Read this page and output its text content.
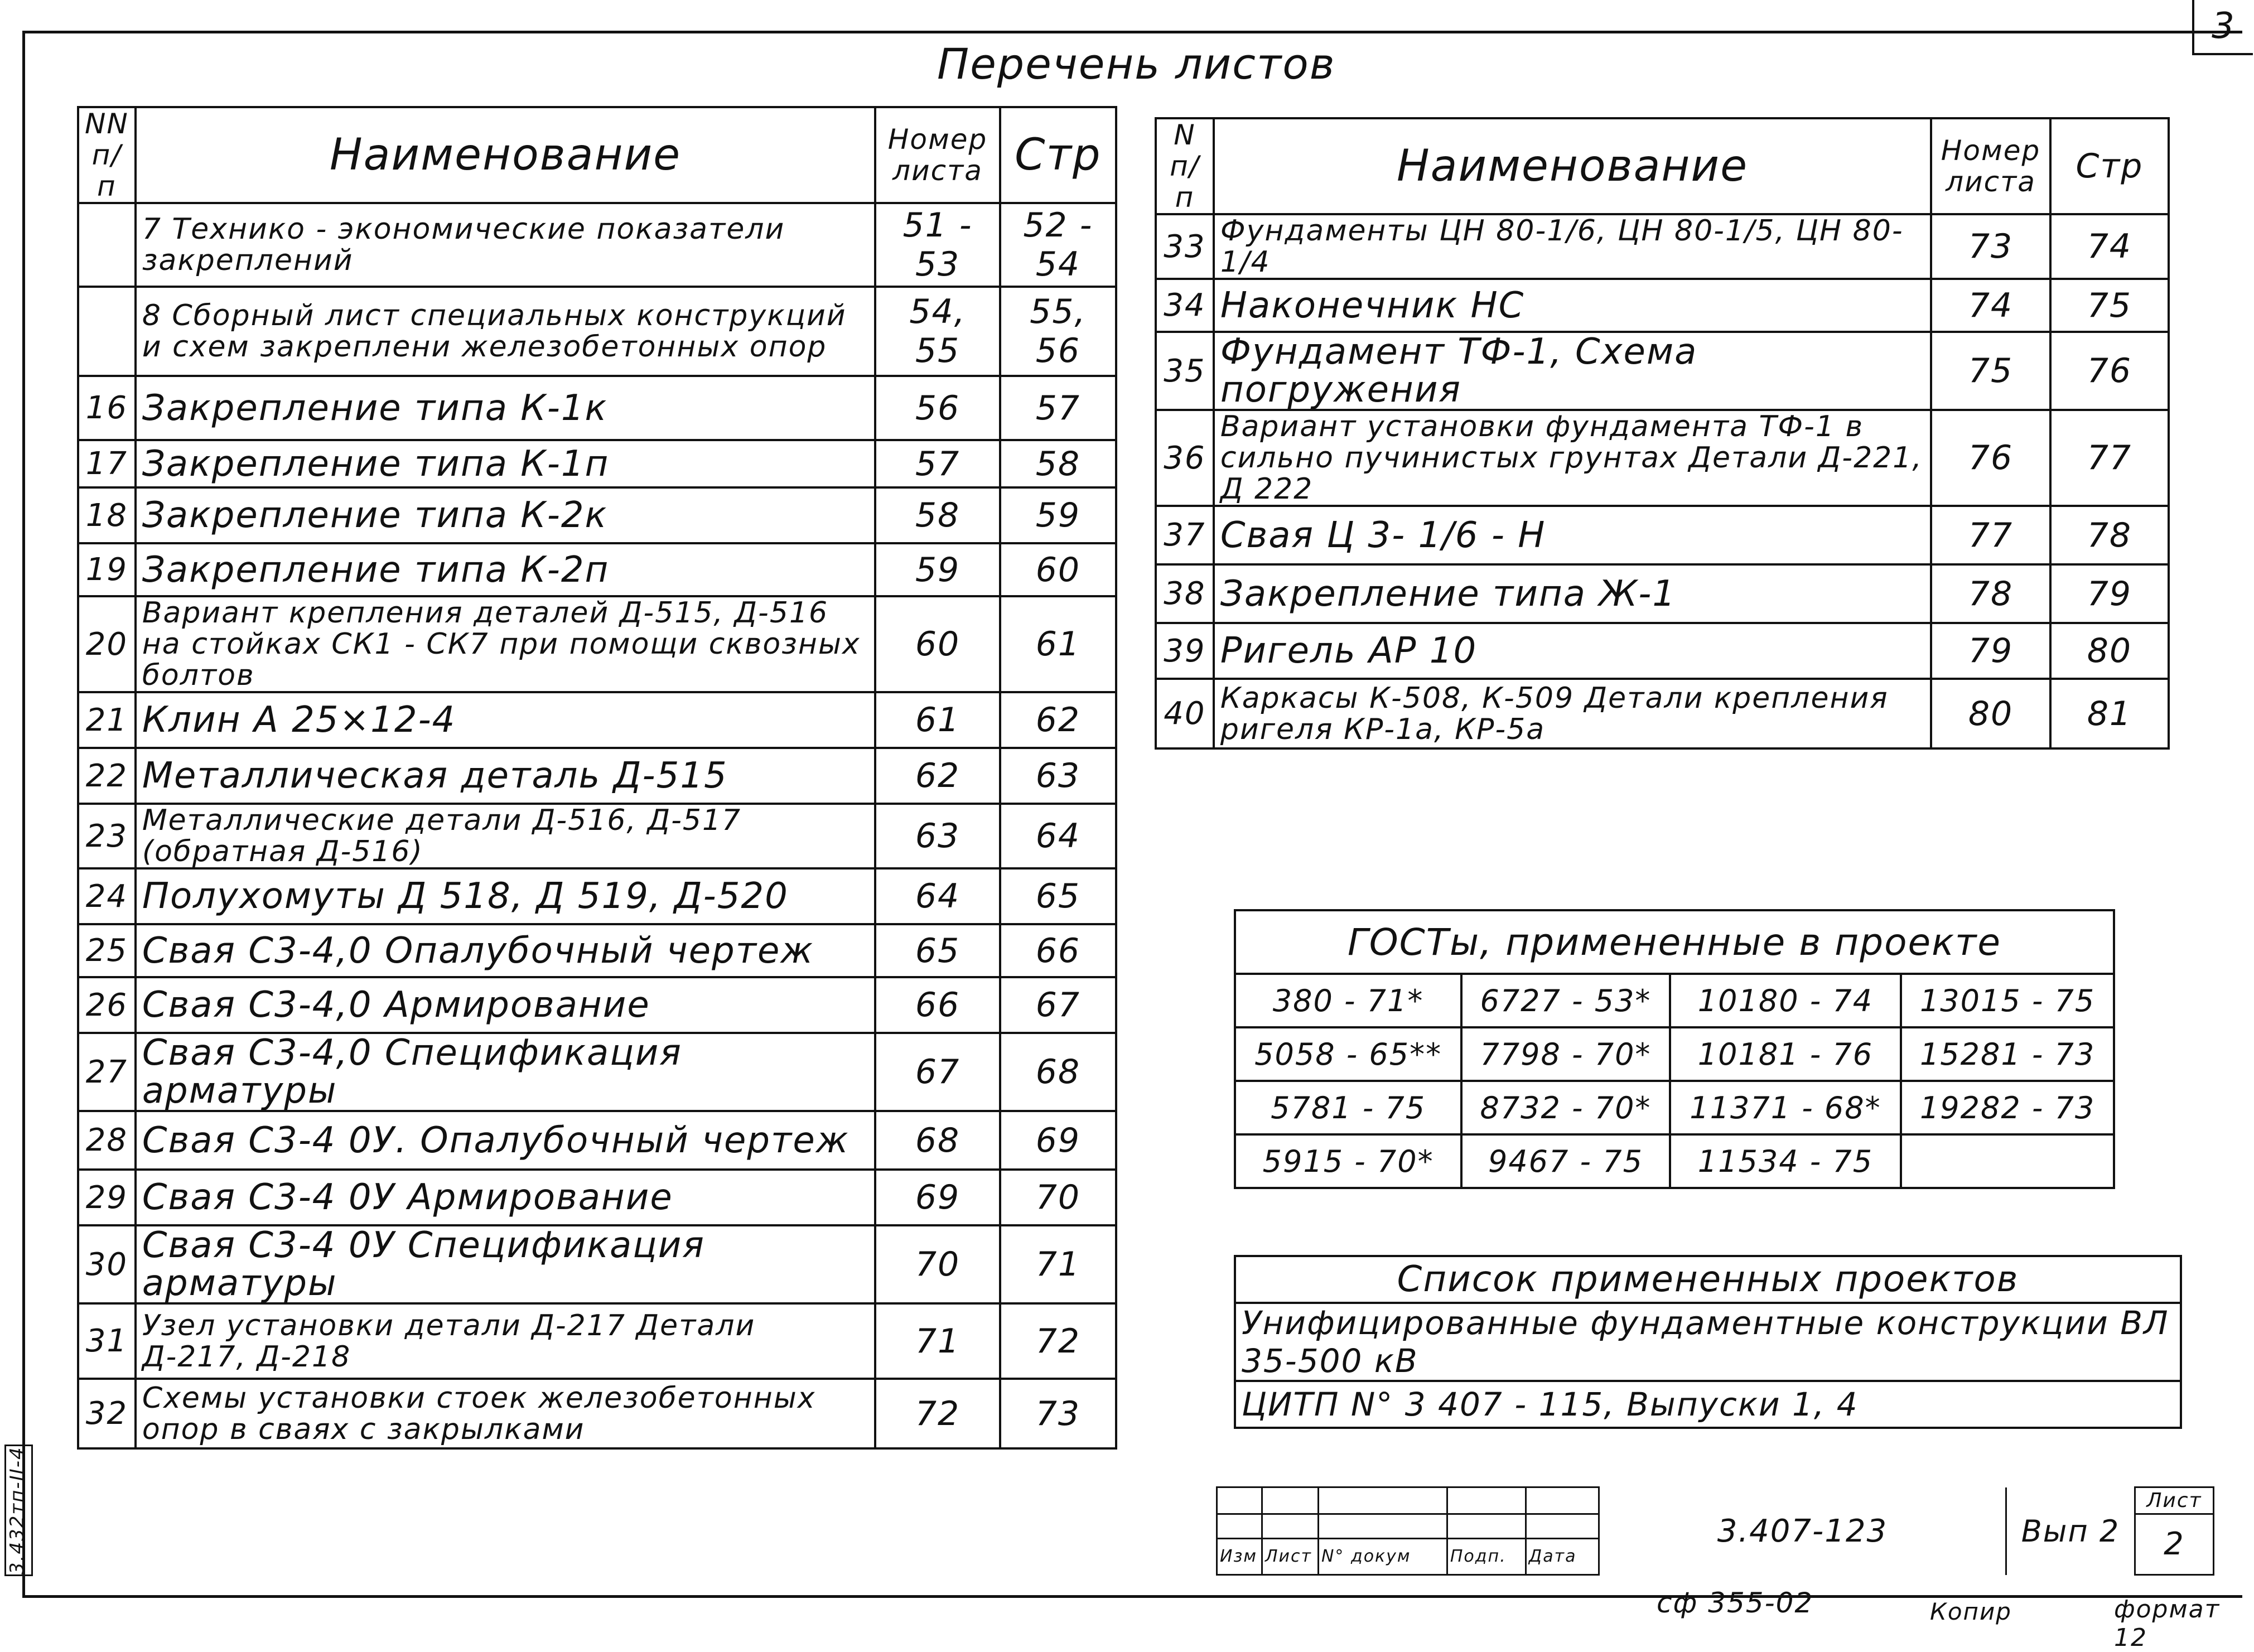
3
Перечень листов
NN п/п	Наименование	Номер листа	Стр
	7 Технико - экономические показатели закреплений	51 - 53	52 - 54
	8 Сборный лист специальных конструкций и схем закреплени железобетонных опор	54, 55	55, 56
16	Закрепление типа К-1к	56	57
17	Закрепление типа К-1п	57	58
18	Закрепление типа К-2к	58	59
19	Закрепление типа К-2п	59	60
20	Вариант крепления деталей Д-515, Д-516 на стойках СК1 - СК7 при помощи сквозных болтов	60	61
21	Клин А 25×12-4	61	62
22	Металлическая деталь Д-515	62	63
23	Металлические детали Д-516, Д-517 (обратная Д-516)	63	64
24	Полухомуты Д 518, Д 519, Д-520	64	65
25	Свая С3-4,0 Опалубочный чертеж	65	66
26	Свая С3-4,0 Армирование	66	67
27	Свая С3-4,0 Спецификация арматуры	67	68
28	Свая С3-4 0У. Опалубочный чертеж	68	69
29	Свая С3-4 0У Армирование	69	70
30	Свая С3-4 0У Спецификация арматуры	70	71
31	Узел установки детали Д-217 Детали Д-217, Д-218	71	72
32	Схемы установки стоек железобетонных опор в сваях с закрылками	72	73
N п/п	Наименование	Номер листа	Стр
33	Фундаменты ЦН 80-1/6, ЦН 80-1/5, ЦН 80-1/4	73	74
34	Наконечник НС	74	75
35	Фундамент ТФ-1, Схема погружения	75	76
36	Вариант установки фундамента ТФ-1 в сильно пучинистых грунтах Детали Д-221, Д 222	76	77
37	Свая Ц 3- 1/6 - Н	77	78
38	Закрепление типа Ж-1	78	79
39	Ригель АР 10	79	80
40	Каркасы К-508, К-509 Детали крепления ригеля КР-1а, КР-5а	80	81
ГОСТы, примененные в проекте			
380 - 71*	6727 - 53*	10180 - 74	13015 - 75
5058 - 65**	7798 - 70*	10181 - 76	15281 - 73
5781 - 75	8732 - 70*	11371 - 68*	19282 - 73
5915 - 70*	9467 - 75	11534 - 75	
Список примененных проектов
Унифицированные фундаментные конструкции ВЛ 35-500 кВ
ЦИТП N° 3 407 - 115, Выпуски 1, 4
					3.407-123	Вып 2	Лист
							2
Изм	Лист	N° докум	Подп.	Дата			
сф 355-02	Копир	формат 12
3.432тп-II-4
